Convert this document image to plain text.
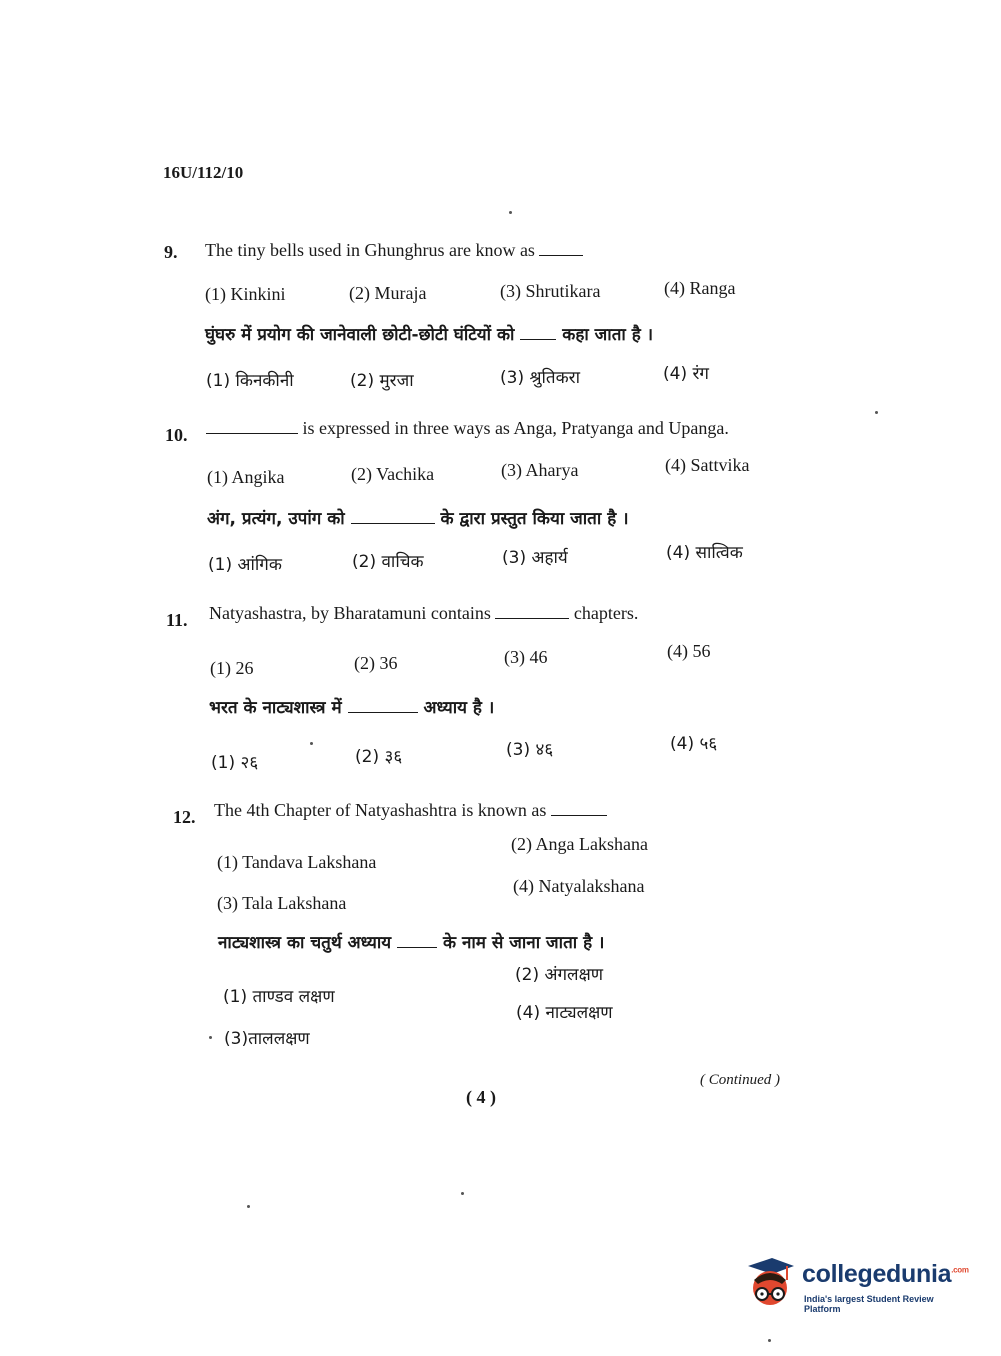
16U/112/10
9. The tiny bells used in Ghunghrus are know as
(1) Kinkini	(2) Muraja	(3) Shrutikara	(4) Ranga
घुंघरु में प्रयोग की जानेवाली छोटी-छोटी घंटियों को	कहा जाता है ।
(1) किनकीनी	(2) मुरजा	(3) श्रुतिकरा	(4) रंग
10.	is expressed in three ways as Anga, Pratyanga and Upanga.
(1) Angika	(2) Vachika	(3) Aharya	(4) Sattvika
अंग, प्रत्यंग, उपांग को	के द्वारा प्रस्तुत किया जाता है ।
(1) आंगिक	(2) वाचिक	(3) अहार्य	(4) सात्विक
11. Natyashastra, by Bharatamuni contains	chapters.
(1) 26	(2) 36	(3) 46	(4) 56
भरत के नाट्यशास्त्र में	अध्याय है ।
(1) २६	(2) ३६	(3) ४६	(4) ५६
12. The 4th Chapter of Natyashashtra is known as
(1) Tandava Lakshana
(2) Anga Lakshana
(3) Tala Lakshana
(4) Natyalakshana
नाट्यशास्त्र का चतुर्थ अध्याय	के नाम से जाना जाता है ।
(1) ताण्डव लक्षण
(2) अंगलक्षण
(3)ताललक्षण
(4) नाट्यलक्षण
( 4 )
( Continued )
collegedunia$^{.com}$
India's largest Student Review Platform
